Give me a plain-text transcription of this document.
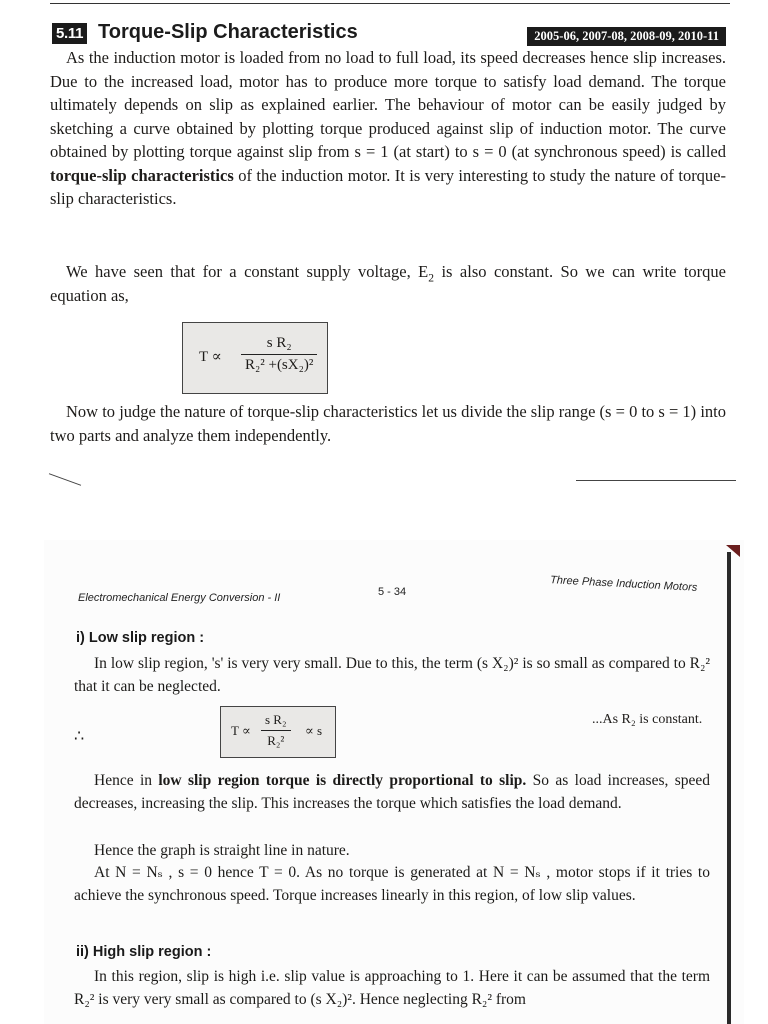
5.11 Torque-Slip Characteristics	2005-06, 2007-08, 2008-09, 2010-11

As the induction motor is loaded from no load to full load, its speed decreases hence slip increases. Due to the increased load, motor has to produce more torque to satisfy load demand. The torque ultimately depends on slip as explained earlier. The behaviour of motor can be easily judged by sketching a curve obtained by plotting torque produced against slip of induction motor. The curve obtained by plotting torque against slip from s = 1 (at start) to s = 0 (at synchronous speed) is called torque-slip characteristics of the induction motor. It is very interesting to study the nature of torque-slip characteristics.

We have seen that for a constant supply voltage, $E_2$ is also constant. So we can write torque equation as,

$T \propto \frac{\text{s R₂}}{\text{R₂² +(sX₂)²}}$

Now to judge the nature of torque-slip characteristics let us divide the slip range (s = 0 to s = 1) into two parts and analyze them independently.

Electromechanical Energy Conversion - II	5 - 34	Three Phase Induction Motors
i) Low slip region :

In low slip region, 's' is very very small. Due to this, the term (s X₂)² is so small as compared to R₂² that it can be neglected.

∴	$T \propto \frac{\text{s R₂}}{\text{R₂²}} \propto s$
...As R₂ is constant.

Hence in low slip region torque is directly proportional to slip. So as load increases, speed decreases, increasing the slip. This increases the torque which satisfies the load demand.

Hence the graph is straight line in nature.

At N = Nₛ , s = 0 hence T = 0. As no torque is generated at N = Nₛ , motor stops if it tries to achieve the synchronous speed. Torque increases linearly in this region, of low slip values.

ii) High slip region :

In this region, slip is high i.e. slip value is approaching to 1. Here it can be assumed that the term R₂² is very very small as compared to (s X₂)². Hence neglecting R₂² from
